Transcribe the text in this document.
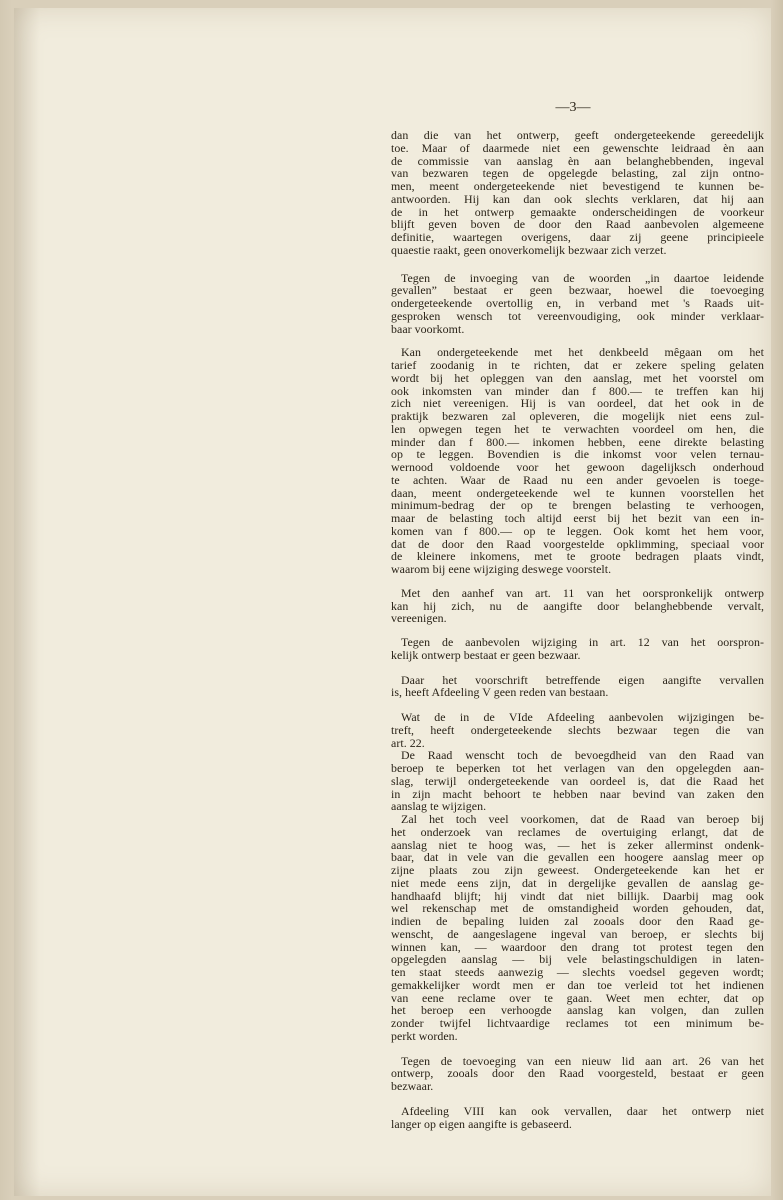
—3—

dan die van het ontwerp, geeft ondergeteekende gereedelijk
toe. Maar of daarmede niet een gewenschte leidraad èn aan
de commissie van aanslag èn aan belanghebbenden, ingeval
van bezwaren tegen de opgelegde belasting, zal zijn ontno-
men, meent ondergeteekende niet bevestigend te kunnen be-
antwoorden. Hij kan dan ook slechts verklaren, dat hij aan
de in het ontwerp gemaakte onderscheidingen de voorkeur
blijft geven boven de door den Raad aanbevolen algemeene
definitie, waartegen overigens, daar zij geene principieele
quaestie raakt, geen onoverkomelijk bezwaar zich verzet.

Tegen de invoeging van de woorden „in daartoe leidende
gevallen” bestaat er geen bezwaar, hoewel die toevoeging
ondergeteekende overtollig en, in verband met 's Raads uit-
gesproken wensch tot vereenvoudiging, ook minder verklaar-
baar voorkomt.

Kan ondergeteekende met het denkbeeld mêgaan om het
tarief zoodanig in te richten, dat er zekere speling gelaten
wordt bij het opleggen van den aanslag, met het voorstel om
ook inkomsten van minder dan f 800.— te treffen kan hij
zich niet vereenigen. Hij is van oordeel, dat het ook in de
praktijk bezwaren zal opleveren, die mogelijk niet eens zul-
len opwegen tegen het te verwachten voordeel om hen, die
minder dan f 800.— inkomen hebben, eene direkte belasting
op te leggen. Bovendien is die inkomst voor velen ternau-
wernood voldoende voor het gewoon dagelijksch onderhoud
te achten. Waar de Raad nu een ander gevoelen is toege-
daan, meent ondergeteekende wel te kunnen voorstellen het
minimum-bedrag der op te brengen belasting te verhoogen,
maar de belasting toch altijd eerst bij het bezit van een in-
komen van f 800.— op te leggen. Ook komt het hem voor,
dat de door den Raad voorgestelde opklimming, speciaal voor
de kleinere inkomens, met te groote bedragen plaats vindt,
waarom bij eene wijziging deswege voorstelt.

Met den aanhef van art. 11 van het oorspronkelijk ontwerp
kan hij zich, nu de aangifte door belanghebbende vervalt,
vereenigen.

Tegen de aanbevolen wijziging in art. 12 van het oorspron-
kelijk ontwerp bestaat er geen bezwaar.

Daar het voorschrift betreffende eigen aangifte vervallen
is, heeft Afdeeling V geen reden van bestaan.

Wat de in de VIde Afdeeling aanbevolen wijzigingen be-
treft, heeft ondergeteekende slechts bezwaar tegen die van
art. 22.

De Raad wenscht toch de bevoegdheid van den Raad van
beroep te beperken tot het verlagen van den opgelegden aan-
slag, terwijl ondergeteekende van oordeel is, dat die Raad het
in zijn macht behoort te hebben naar bevind van zaken den
aanslag te wijzigen.

Zal het toch veel voorkomen, dat de Raad van beroep bij
het onderzoek van reclames de overtuiging erlangt, dat de
aanslag niet te hoog was, — het is zeker allerminst ondenk-
baar, dat in vele van die gevallen een hoogere aanslag meer op
zijne plaats zou zijn geweest. Ondergeteekende kan het er
niet mede eens zijn, dat in dergelijke gevallen de aanslag ge-
handhaafd blijft; hij vindt dat niet billijk. Daarbij mag ook
wel rekenschap met de omstandigheid worden gehouden, dat,
indien de bepaling luiden zal zooals door den Raad ge-
wenscht, de aangeslagene ingeval van beroep, er slechts bij
winnen kan, — waardoor den drang tot protest tegen den
opgelegden aanslag — bij vele belastingschuldigen in laten-
ten staat steeds aanwezig — slechts voedsel gegeven wordt;
gemakkelijker wordt men er dan toe verleid tot het indienen
van eene reclame over te gaan. Weet men echter, dat op
het beroep een verhoogde aanslag kan volgen, dan zullen
zonder twijfel lichtvaardige reclames tot een minimum be-
perkt worden.

Tegen de toevoeging van een nieuw lid aan art. 26 van het
ontwerp, zooals door den Raad voorgesteld, bestaat er geen
bezwaar.

Afdeeling VIII kan ook vervallen, daar het ontwerp niet
langer op eigen aangifte is gebaseerd.
